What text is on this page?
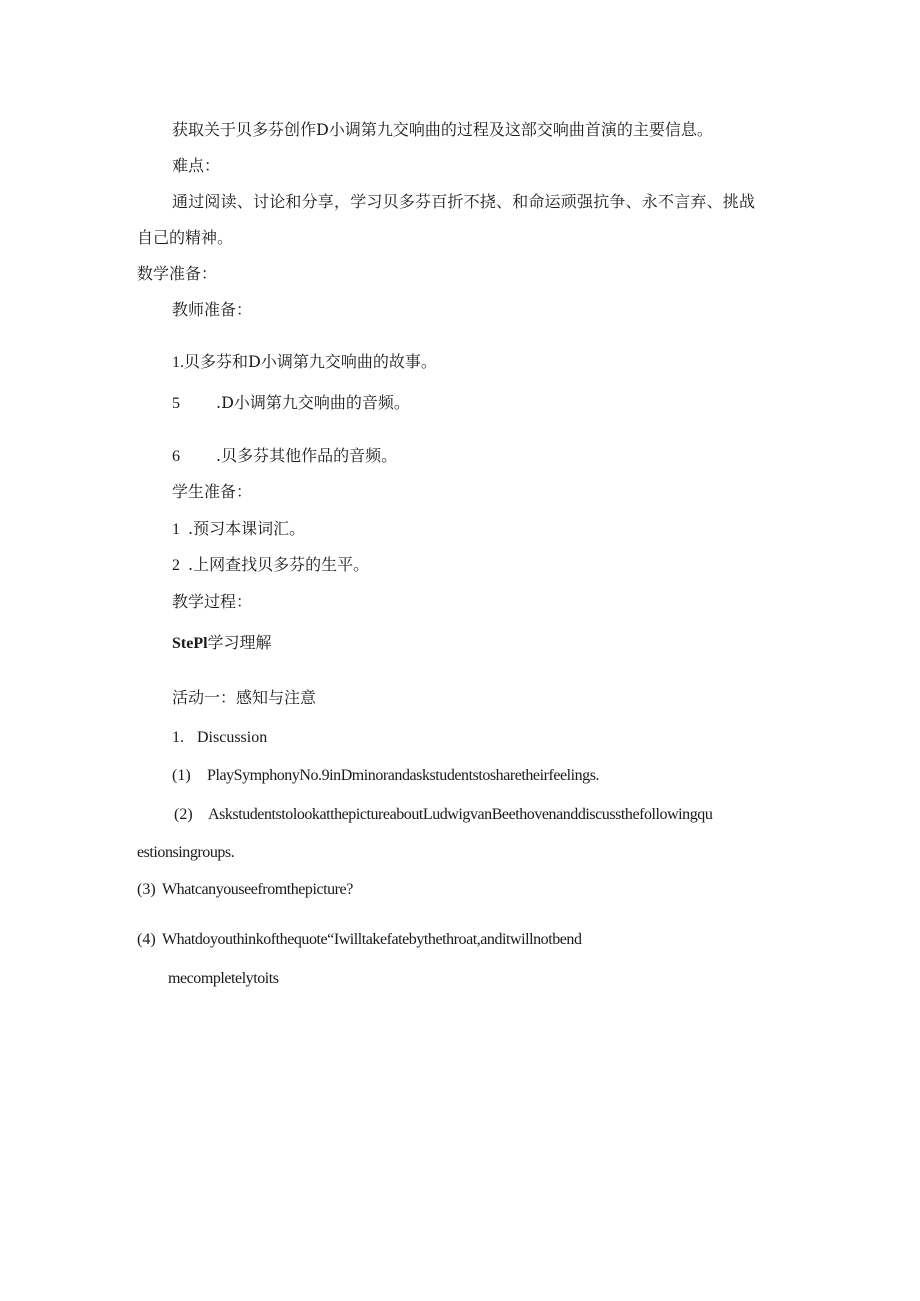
获取关于贝多芬创作D小调第九交响曲的过程及这部交响曲首演的主要信息。
难点：
通过阅读、讨论和分享，学习贝多芬百折不挠、和命运顽强抗争、永不言弃、挑战
自己的精神。
数学准备：
教师准备：
1.贝多芬和D小调第九交响曲的故事。
5 .D小调第九交响曲的音频。
6 .贝多芬其他作品的音频。
学生准备：
1 .预习本课词汇。
2 .上网查找贝多芬的生平。
教学过程：
StePl学习理解
活动一：感知与注意
1. Discussion
(1) PlaySymphonyNo.9inDminorandaskstudentstosharetheirfeelings.
(2) AskstudentstolookatthepictureaboutLudwigvanBeethovenanddiscussthefollowingqu
estionsingroups.
(3) Whatcanyouseefromthepicture?
(4) Whatdoyouthinkofthequote“Iwilltakefatebythethroat,anditwillnotbend
mecompletelytoits
